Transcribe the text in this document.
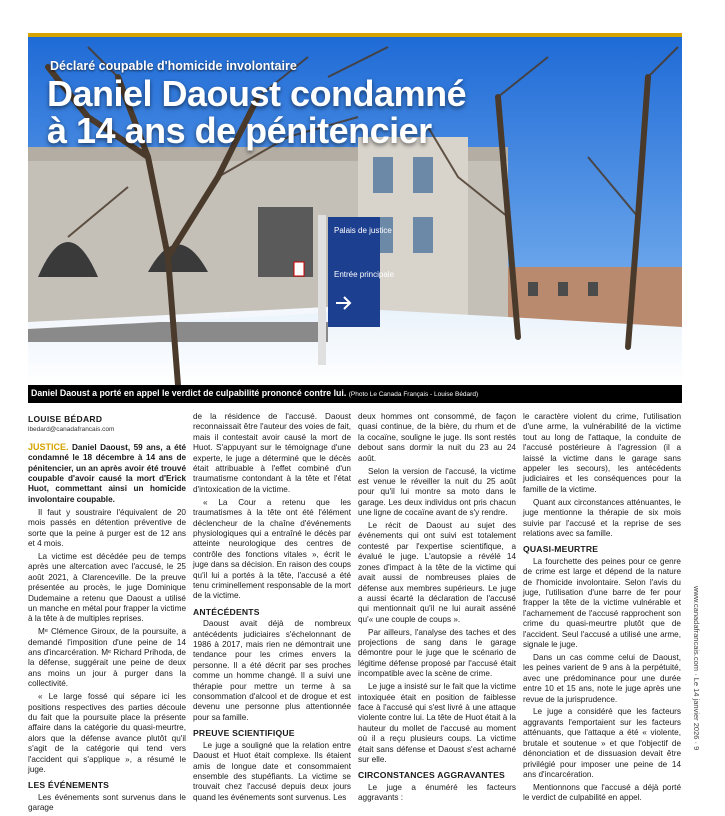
Palais de justice
Entrée principale
Déclaré coupable d'homicide involontaire
Daniel Daoust condamné
à 14 ans de pénitencier
Daniel Daoust a porté en appel le verdict de culpabilité prononcé contre lui. (Photo Le Canada Français - Louise Bédard)
LOUISE BÉDARD
lbedard@canadafrancais.com

JUSTICE. Daniel Daoust, 59 ans, a été condamné le 18 décembre à 14 ans de pénitencier, un an après avoir été trouvé coupable d'avoir causé la mort d'Erick Huot, commettant ainsi un homicide involontaire coupable.

Il faut y soustraire l'équivalent de 20 mois passés en détention préventive de sorte que la peine à purger est de 12 ans et 4 mois.

La victime est décédée peu de temps après une altercation avec l'accusé, le 25 août 2021, à Clarenceville. De la preuve présentée au procès, le juge Dominique Dudemaine a retenu que Daoust a utilisé un manche en métal pour frapper la victime à la tête à de multiples reprises.

Mᵉ Clémence Giroux, de la poursuite, a demandé l'imposition d'une peine de 14 ans d'incarcération. Mᵉ Richard Prihoda, de la défense, suggérait une peine de deux ans moins un jour à purger dans la collectivité.

« Le large fossé qui sépare ici les positions respectives des parties découle du fait que la poursuite place la présente affaire dans la catégorie du quasi-meurtre, alors que la défense avance plutôt qu'il s'agit de la catégorie qui tend vers l'accident qui s'applique », a résumé le juge.

LES ÉVÉNEMENTS

Les événements sont survenus dans le garage

de la résidence de l'accusé. Daoust reconnaissait être l'auteur des voies de fait, mais il contestait avoir causé la mort de Huot. S'appuyant sur le témoignage d'une experte, le juge a déterminé que le décès était attribuable à l'effet combiné d'un traumatisme contondant à la tête et l'état d'intoxication de la victime.

« La Cour a retenu que les traumatismes à la tête ont été l'élément déclencheur de la chaîne d'événements physiologiques qui a entraîné le décès par atteinte neurologique des centres de contrôle des fonctions vitales », écrit le juge dans sa décision. En raison des coups qu'il lui a portés à la tête, l'accusé a été tenu criminellement responsable de la mort de la victime.

ANTÉCÉDENTS

Daoust avait déjà de nombreux antécédents judiciaires s'échelonnant de 1986 à 2017, mais rien ne démontrait une tendance pour les crimes envers la personne. Il a été décrit par ses proches comme un homme changé. Il a suivi une thérapie pour mettre un terme à sa consommation d'alcool et de drogue et est devenu une personne plus attentionnée pour sa famille.

PREUVE SCIENTIFIQUE

Le juge a souligné que la relation entre Daoust et Huot était complexe. Ils étaient amis de longue date et consommaient ensemble des stupéfiants. La victime se trouvait chez l'accusé depuis deux jours quand les événements sont survenus. Les

deux hommes ont consommé, de façon quasi continue, de la bière, du rhum et de la cocaïne, souligne le juge. Ils sont restés debout sans dormir la nuit du 23 au 24 août.

Selon la version de l'accusé, la victime est venue le réveiller la nuit du 25 août pour qu'il lui montre sa moto dans le garage. Les deux individus ont pris chacun une ligne de cocaïne avant de s'y rendre.

Le récit de Daoust au sujet des événements qui ont suivi est totalement contesté par l'expertise scientifique, a évalué le juge. L'autopsie a révélé 14 zones d'impact à la tête de la victime qui avait aussi de nombreuses plaies de défense aux membres supérieurs. Le juge a aussi écarté la déclaration de l'accusé qui mentionnait qu'il ne lui aurait asséné qu'« une couple de coups ».

Par ailleurs, l'analyse des taches et des projections de sang dans le garage démontre pour le juge que le scénario de légitime défense proposé par l'accusé était incompatible avec la scène de crime.

Le juge a insisté sur le fait que la victime intoxiquée était en position de faiblesse face à l'accusé qui s'est livré à une attaque violente contre lui. La tête de Huot était à la hauteur du mollet de l'accusé au moment où il a reçu plusieurs coups. La victime était sans défense et Daoust s'est acharné sur elle.

CIRCONSTANCES AGGRAVANTES

Le juge a énuméré les facteurs aggravants :

le caractère violent du crime, l'utilisation d'une arme, la vulnérabilité de la victime tout au long de l'attaque, la conduite de l'accusé postérieure à l'agression (il a laissé la victime dans le garage sans appeler les secours), les antécédents judiciaires et les conséquences pour la famille de la victime.

Quant aux circonstances atténuantes, le juge mentionne la thérapie de six mois suivie par l'accusé et la reprise de ses relations avec sa famille.

QUASI-MEURTRE

La fourchette des peines pour ce genre de crime est large et dépend de la nature de l'homicide involontaire. Selon l'avis du juge, l'utilisation d'une barre de fer pour frapper la tête de la victime vulnérable et l'acharnement de l'accusé rapprochent son crime du quasi-meurtre plutôt que de l'accident. Seul l'accusé a utilisé une arme, signale le juge.

Dans un cas comme celui de Daoust, les peines varient de 9 ans à la perpétuité, avec une prédominance pour une durée entre 10 et 15 ans, note le juge après une revue de la jurisprudence.

Le juge a considéré que les facteurs aggravants l'emportaient sur les facteurs atténuants, que l'attaque a été « violente, brutale et soutenue » et que l'objectif de dénonciation et de dissuasion devait être privilégié pour imposer une peine de 14 ans d'incarcération.

Mentionnons que l'accusé a déjà porté le verdict de culpabilité en appel.

www.canadafrancais.com · Le 14 janvier 2026 · 9
